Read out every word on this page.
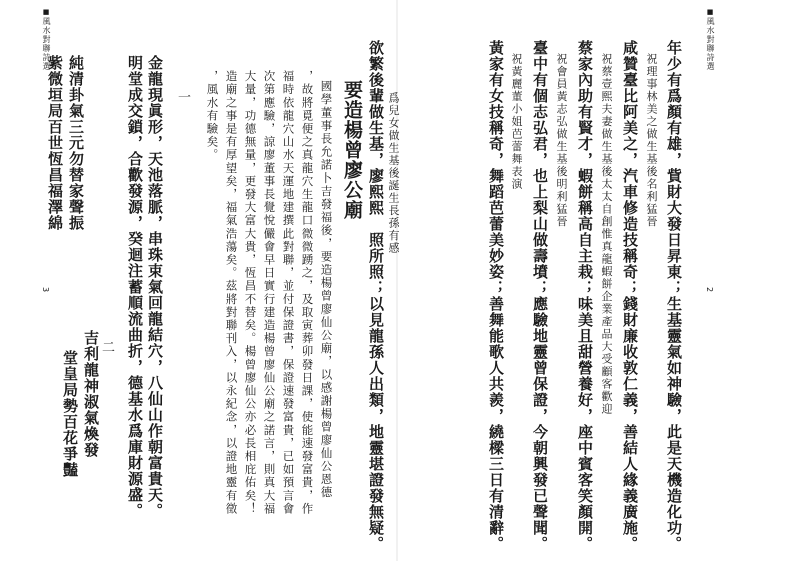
■風水對聯詩選
2
年少有爲顏有雄，貲財大發日昇東；生基靈氣如神驗，此是天機造化功。
祝理事林美之做生基後名利猛晉
咸贊臺比阿美之，汽車修造技稱奇；錢財廉收敦仁義，善結人緣義廣施。
祝蔡壹熙夫妻做生基後太太自創惟真龍蝦餅企業產品大受顧客歡迎
蔡家內助有賢才，蝦餅稱高自主栽；味美且甜營養好，座中賓客笑顏開。
祝會員黃志弘做生基後明利猛晉
臺中有個志弘君，也上梨山做壽墳；應驗地靈曾保證，今朝興發已聲聞。
祝黃麗董小姐芭蕾舞表演
黃家有女技稱奇，舞蹈芭蕾美妙姿；善舞能歌人共羨，繞樑三日有清辭。
■風水對聯詩選
3
爲兒女做生基後誕生長孫有感
欲繁後輩做生基，廖熙熙　照所照；以見龍孫人出類，地靈堪證發無疑。
要造楊曾廖公廟
國學董事長允諾卜吉發福後，要造楊曾廖仙公廟，以感謝楊曾廖仙公恩德
，故將覓便之真龍穴生龍口微微踴之，及取寅葬卯發日課，使能速發富貴，作
福時依龍穴山水天運地建撰此對聯，並付保證書，保證速發富貴，已如預言會
次第應驗，諒廖董事長覺悅儼會早日實行建造楊曾廖仙公廟之諾言，則真大福
大量，功德無量，更發大富大貴，恆昌不替矣。楊曾廖仙公亦必長相庇佑矣！
造廟之事是有厚望矣，福氣浩蕩矣。茲將對聯刊入，以永紀念，以證地靈有徵
，風水有驗矣。
一
金龍現眞形，天池落脈，串珠束氣回龍結穴，八仙山作朝富貴天。
明堂成交鎖，合歡發源，癸迴注蓄順流曲折，德基水爲庫財源盛。
二
純清卦氣三元勿替家聲振
紫微垣局百世恆昌福澤綿
吉利龍神淑氣煥發
堂皇局勢百花爭豔
